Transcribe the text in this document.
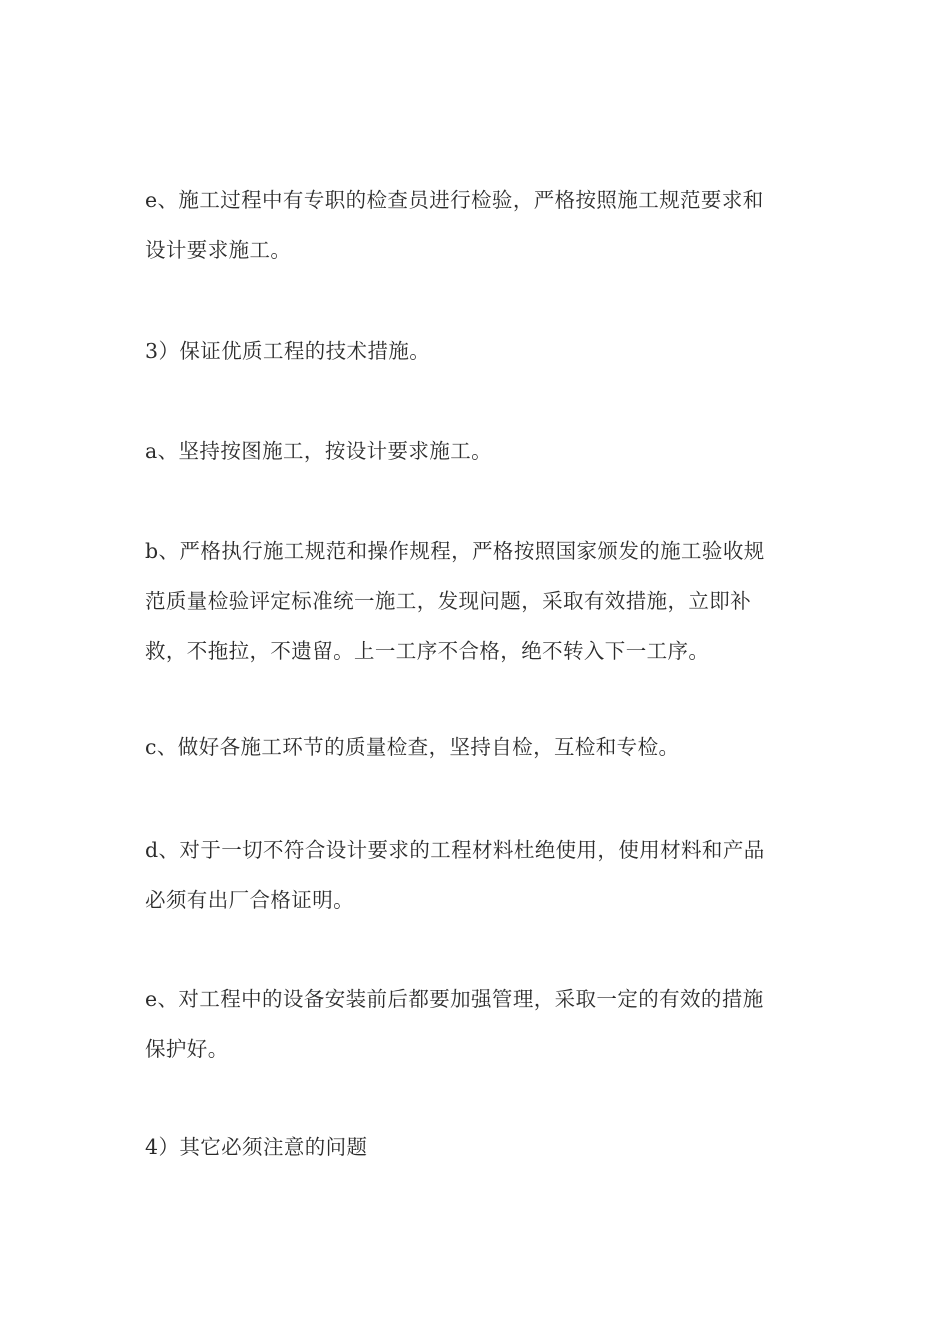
e、施工过程中有专职的检查员进行检验，严格按照施工规范要求和
设计要求施工。

3）保证优质工程的技术措施。

a、坚持按图施工，按设计要求施工。

b、严格执行施工规范和操作规程，严格按照国家颁发的施工验收规
范质量检验评定标准统一施工，发现问题，采取有效措施，立即补
救，不拖拉，不遗留。上一工序不合格，绝不转入下一工序。

c、做好各施工环节的质量检查，坚持自检，互检和专检。

d、对于一切不符合设计要求的工程材料杜绝使用，使用材料和产品
必须有出厂合格证明。

e、对工程中的设备安装前后都要加强管理，采取一定的有效的措施
保护好。

4）其它必须注意的问题
